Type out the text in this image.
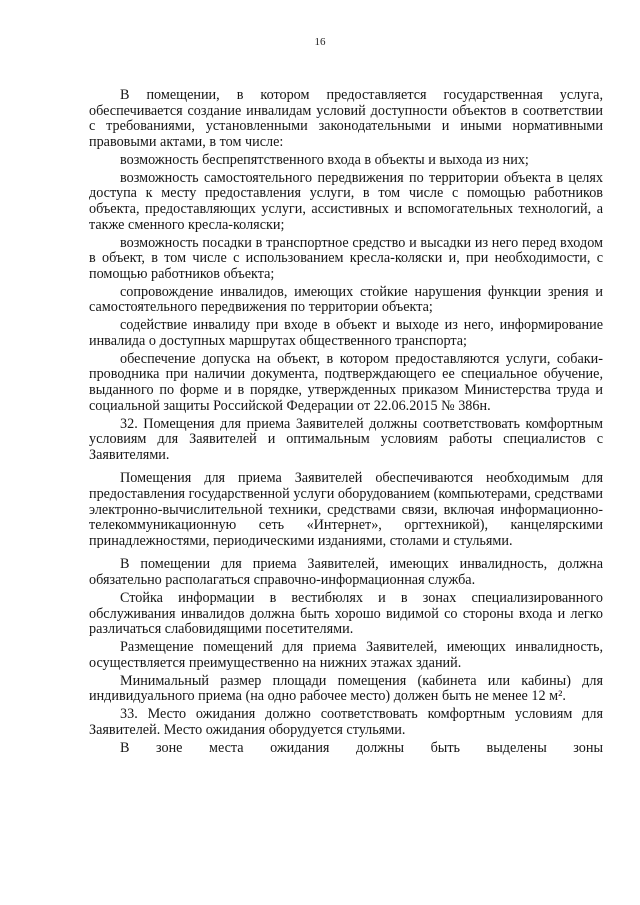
16

В помещении, в котором предоставляется государственная услуга, обеспечивается создание инвалидам условий доступности объектов в соответствии с требованиями, установленными законодательными и иными нормативными правовыми актами, в том числе:

возможность беспрепятственного входа в объекты и выхода из них;

возможность самостоятельного передвижения по территории объекта в целях доступа к месту предоставления услуги, в том числе с помощью работников объекта, предоставляющих услуги, ассистивных и вспомогательных технологий, а также сменного кресла-коляски;

возможность посадки в транспортное средство и высадки из него перед входом в объект, в том числе с использованием кресла-коляски и, при необходимости, с помощью работников объекта;

сопровождение инвалидов, имеющих стойкие нарушения функции зрения и самостоятельного передвижения по территории объекта;

содействие инвалиду при входе в объект и выходе из него, информирование инвалида о доступных маршрутах общественного транспорта;

обеспечение допуска на объект, в котором предоставляются услуги, собаки-проводника при наличии документа, подтверждающего ее специальное обучение, выданного по форме и в порядке, утвержденных приказом Министерства труда и социальной защиты Российской Федерации от 22.06.2015 № 386н.

32. Помещения для приема Заявителей должны соответствовать комфортным условиям для Заявителей и оптимальным условиям работы специалистов с Заявителями.

Помещения для приема Заявителей обеспечиваются необходимым для предоставления государственной услуги оборудованием (компьютерами, средствами электронно-вычислительной техники, средствами связи, включая информационно-телекоммуникационную сеть «Интернет», оргтехникой), канцелярскими принадлежностями, периодическими изданиями, столами и стульями.

В помещении для приема Заявителей, имеющих инвалидность, должна обязательно располагаться справочно-информационная служба.

Стойка информации в вестибюлях и в зонах специализированного обслуживания инвалидов должна быть хорошо видимой со стороны входа и легко различаться слабовидящими посетителями.

Размещение помещений для приема Заявителей, имеющих инвалидность, осуществляется преимущественно на нижних этажах зданий.

Минимальный размер площади помещения (кабинета или кабины) для индивидуального приема (на одно рабочее место) должен быть не менее 12 м².

33. Место ожидания должно соответствовать комфортным условиям для Заявителей. Место ожидания оборудуется стульями.

В зоне места ожидания должны быть выделены зоны
